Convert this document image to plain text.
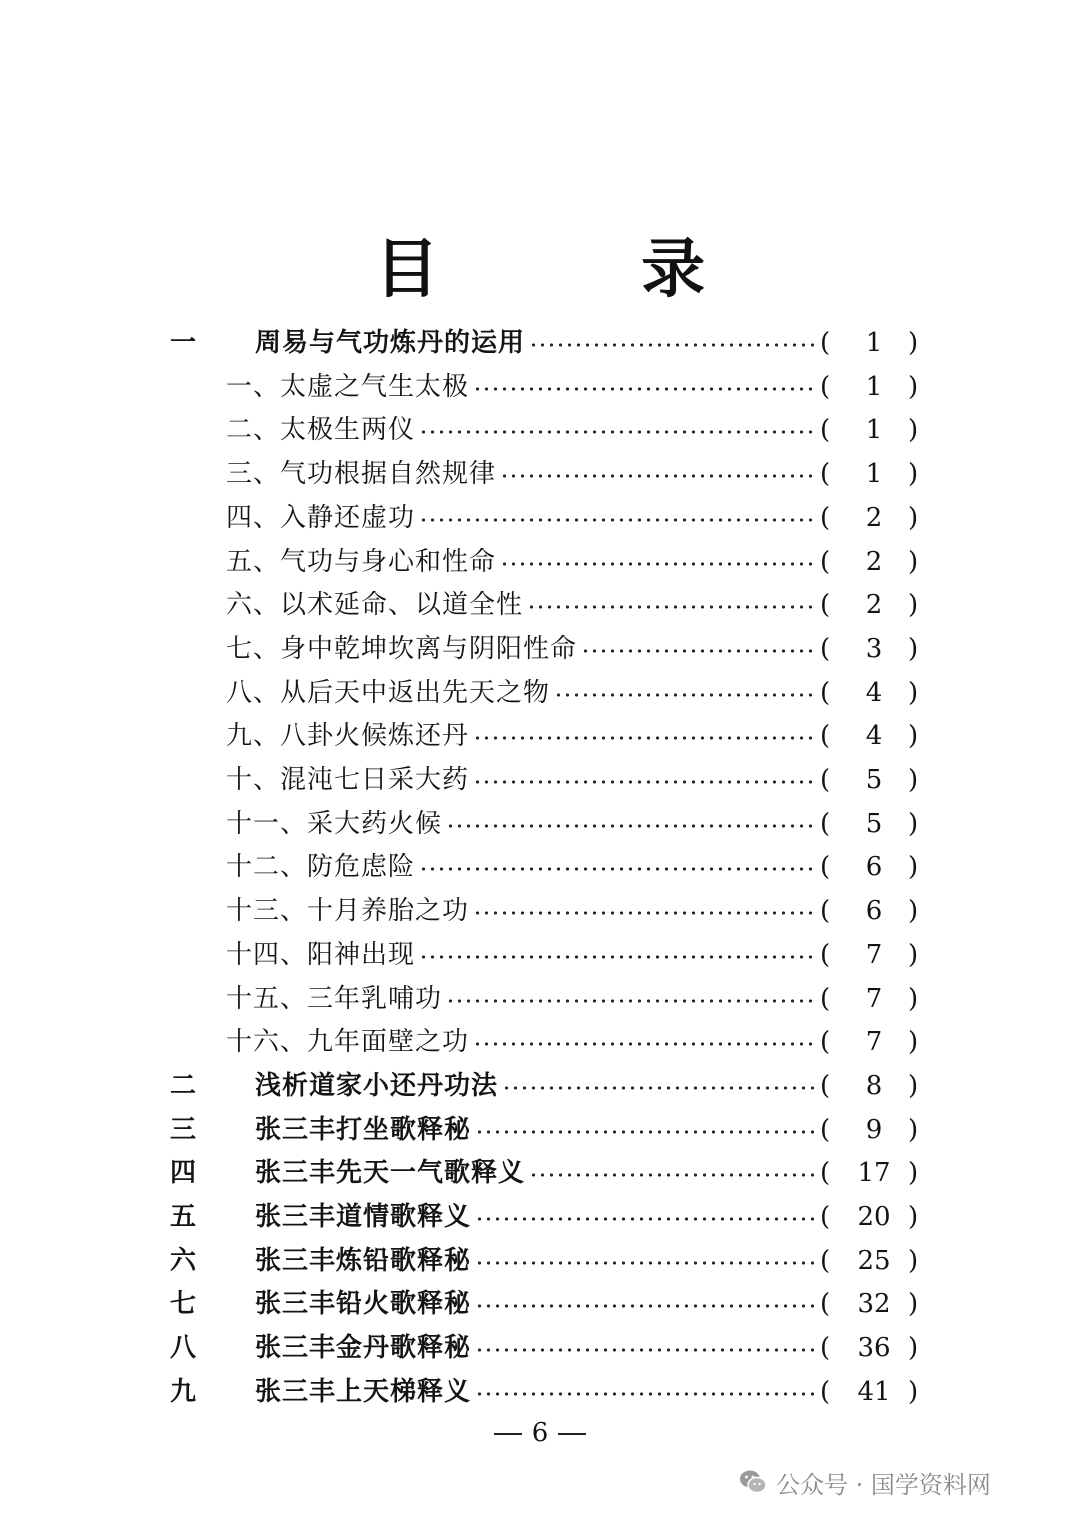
目 录
一 周易与气功炼丹的运用	(	1 )
一、太虚之气生太极	(	1 )
二、太极生两仪	(	1 )
三、气功根据自然规律	(	1 )
四、入静还虚功	(	2 )
五、气功与身心和性命	(	2 )
六、以术延命、以道全性	(	2 )
七、身中乾坤坎离与阴阳性命	(	3 )
八、从后天中返出先天之物	(	4 )
九、八卦火候炼还丹	(	4 )
十、混沌七日采大药	(	5 )
十一、采大药火候	(	5 )
十二、防危虑险	(	6 )
十三、十月养胎之功	(	6 )
十四、阳神出现	(	7 )
十五、三年乳哺功	(	7 )
十六、九年面壁之功	(	7 )
二 浅析道家小还丹功法	(	8 )
三 张三丰打坐歌释秘	(	9 )
四 张三丰先天一气歌释义	(	17 )
五 张三丰道情歌释义	(	20 )
六 张三丰炼铅歌释秘	(	25 )
七 张三丰铅火歌释秘	(	32 )
八 张三丰金丹歌释秘	(	36 )
九 张三丰上天梯释义	(	41 )
6
公众号 · 国学资料网
